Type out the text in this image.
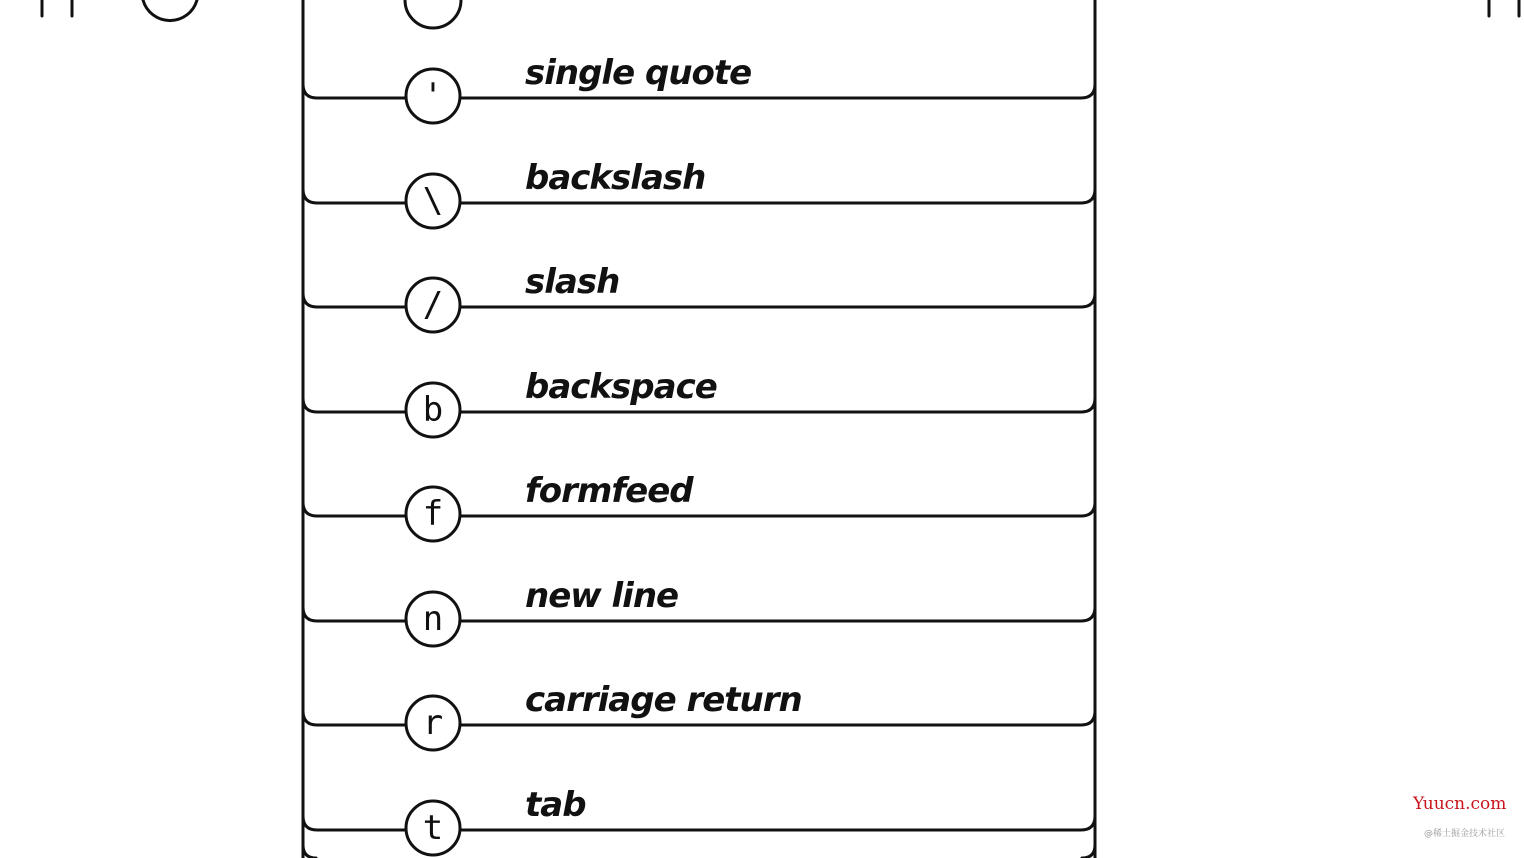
'
single quote
\
backslash
/
slash
b
backspace
f
formfeed
n
new line
r
carriage return
t
tab	Yuucn.com
@稀土掘金技术社区
